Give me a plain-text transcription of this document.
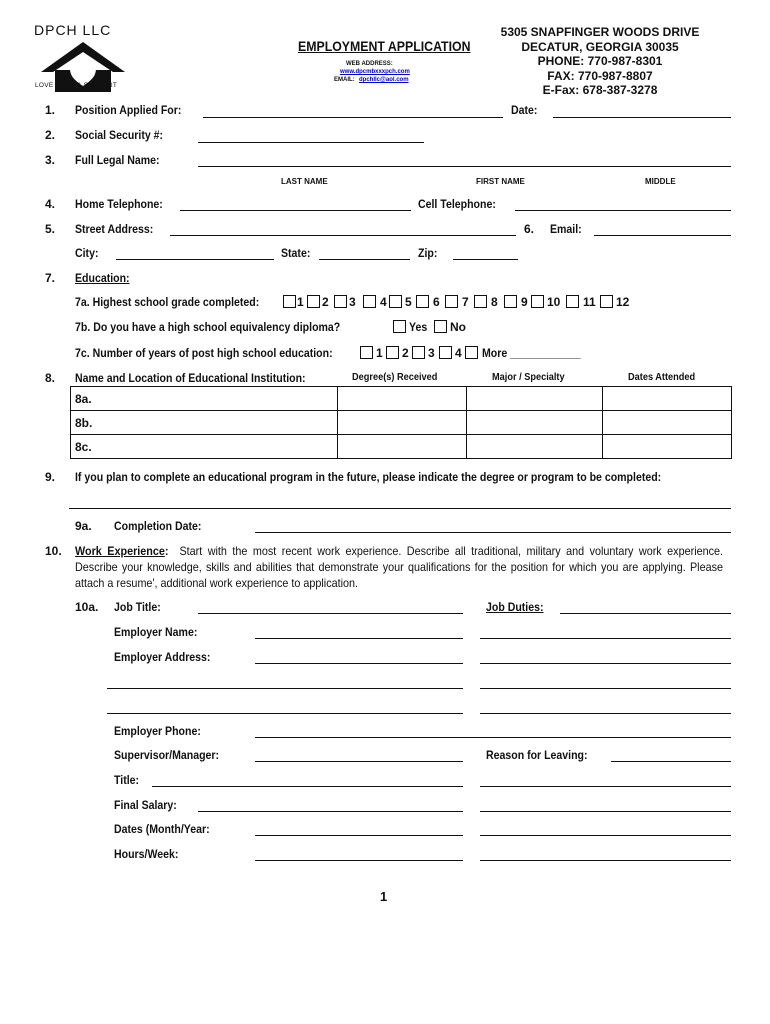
DPCH LLC
LOVE CARE & SUPPORT
EMPLOYMENT APPLICATION
WEB ADDRESS:
www.dpcmbxxxpch.com
EMAIL: dpchllc@aol.com
5305 SNAPFINGER WOODS DRIVE
DECATUR, GEORGIA 30035
PHONE: 770-987-8301
FAX: 770-987-8807
E-Fax: 678-387-3278
1. Position Applied For:	Date:
2. Social Security #:
3. Full Legal Name:
LAST NAME	FIRST NAME	MIDDLE
4. Home Telephone:	Cell Telephone:
5. Street Address:	6. Email:
City:	State:	Zip:
7. Education:
7a. Highest school grade completed:	1 2 3 4 5 6 7 8 9 10 11 12
7b. Do you have a high school equivalency diploma?	Yes No
7c. Number of years of post high school education:	1 2 3 4 More ____________
8. Name and Location of Educational Institution:	Degree(s) Received	Major / Specialty	Dates Attended
8a.			
8b.			
8c.			
9. If you plan to complete an educational program in the future, please indicate the degree or program to be completed:
9a. Completion Date:
10. Work Experience: Start with the most recent work experience. Describe all traditional, military and voluntary work experience. Describe your knowledge, skills and abilities that demonstrate your qualifications for the position for which you are applying. Please attach a resume', additional work experience to application.
10a. Job Title:	Job Duties:
Employer Name:
Employer Address:
Employer Phone:
Supervisor/Manager:	Reason for Leaving:
Title:
Final Salary:
Dates (Month/Year:
Hours/Week:
1
